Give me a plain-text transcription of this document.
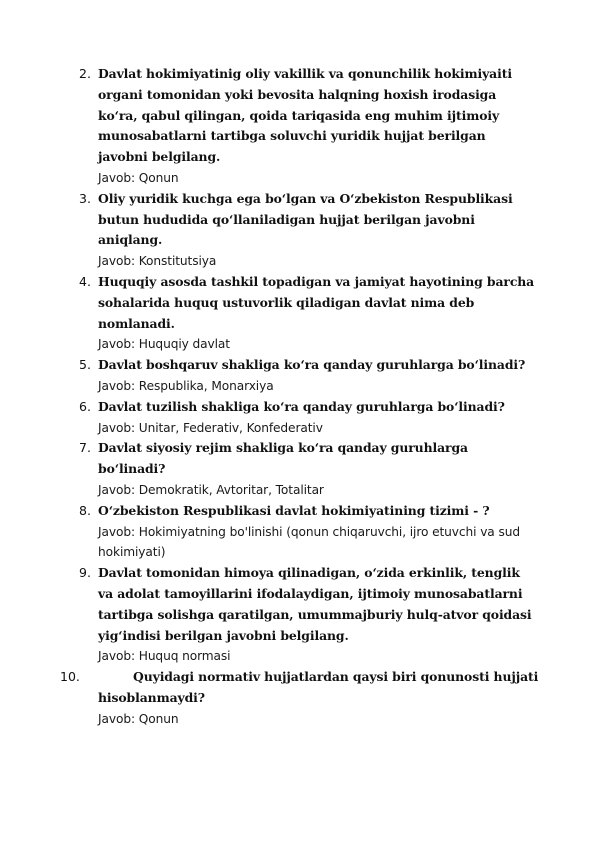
2. Davlat hokimiyatinig oliy vakillik va qonunchilik hokimiyaiti organi tomonidan yoki bevosita halqning hoxish irodasiga ko‘ra, qabul qilingan, qoida tariqasida eng muhim ijtimoiy munosabatlarni tartibga soluvchi yuridik hujjat berilgan javobni belgilang.

Javob: Qonun
3. Oliy yuridik kuchga ega bo‘lgan va O‘zbekiston Respublikasi butun hududida qo‘llaniladigan hujjat berilgan javobni aniqlang.

Javob: Konstitutsiya
4. Huquqiy asosda tashkil topadigan va jamiyat hayotining barcha sohalarida huquq ustuvorlik qiladigan davlat nima deb nomlanadi.

Javob: Huquqiy davlat
5. Davlat boshqaruv shakliga ko‘ra qanday guruhlarga bo‘linadi?

Javob: Respublika, Monarxiya
6. Davlat tuzilish shakliga ko‘ra qanday guruhlarga bo‘linadi?

Javob: Unitar, Federativ, Konfederativ
7. Davlat siyosiy rejim shakliga ko‘ra qanday guruhlarga bo‘linadi?

Javob: Demokratik, Avtoritar, Totalitar
8. O‘zbekiston Respublikasi davlat hokimiyatining tizimi - ?

Javob: Hokimiyatning bo'linishi (qonun chiqaruvchi, ijro etuvchi va sud hokimiyati)
9. Davlat tomonidan himoya qilinadigan, o‘zida erkinlik, tenglik va adolat tamoyillarini ifodalaydigan, ijtimoiy munosabatlarni tartibga solishga qaratilgan, umummajburiy hulq-atvor qoidasi yig‘indisi berilgan javobni belgilang.

Javob: Huquq normasi
10.	Quyidagi normativ hujjatlardan qaysi biri qonunosti hujjati hisoblanmaydi?

Javob: Qonun
